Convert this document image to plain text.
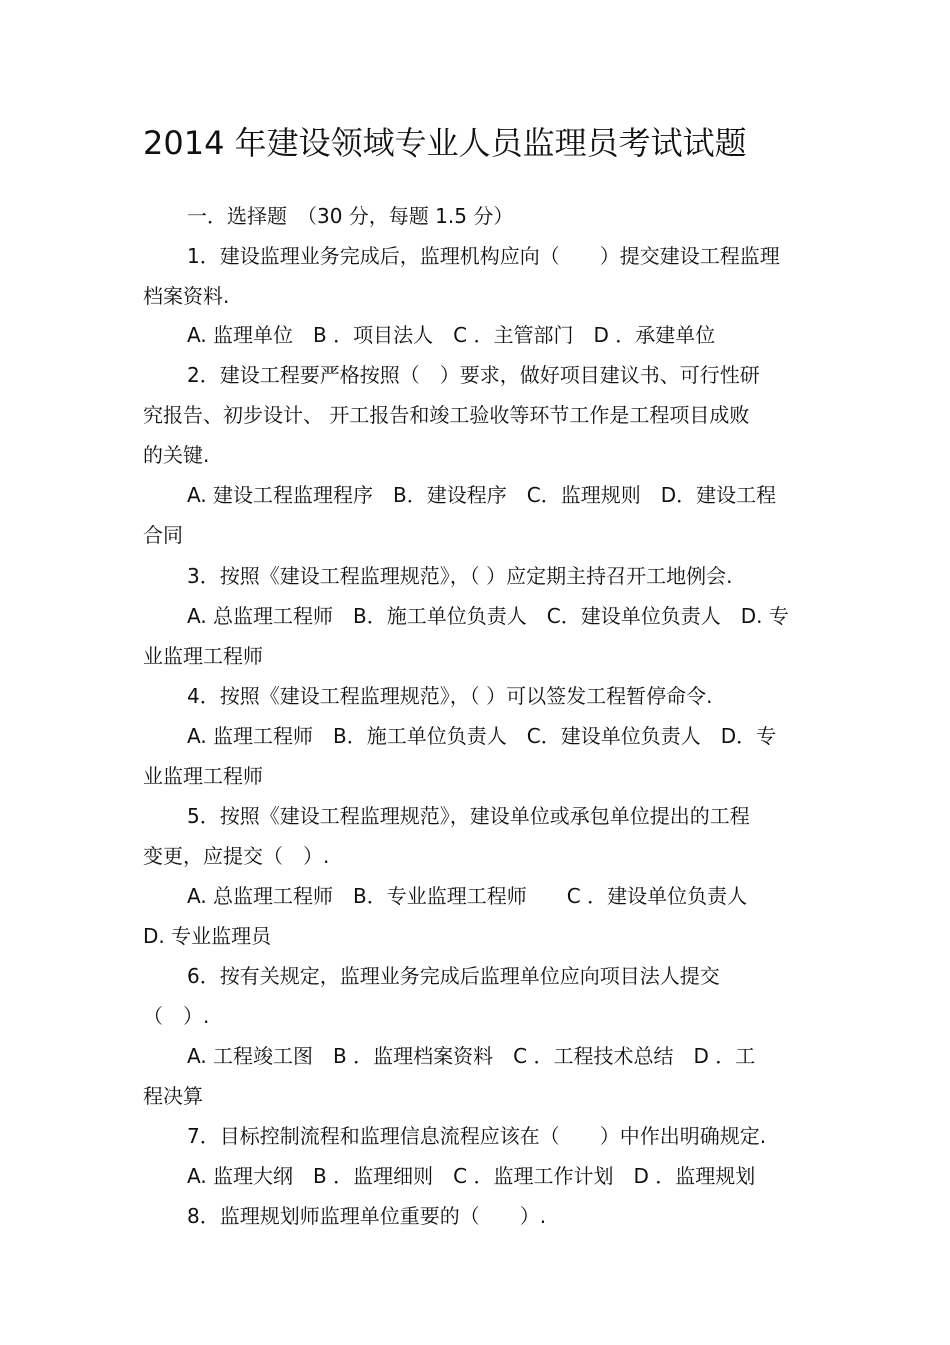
2014 年建设领域专业人员监理员考试试题
一．选择题　（30 分，每题 1.5 分）
1．建设监理业务完成后，监理机构应向（　　）提交建设工程监理
档案资料.
A. 监理单位　B ．项目法人　C ．主管部门　D ．承建单位
2．建设工程要严格按照（　）要求，做好项目建议书、可行性研
究报告、初步设计、 开工报告和竣工验收等环节工作是工程项目成败
的关键.
A. 建设工程监理程序　B．建设程序　C．监理规则　D．建设工程
合同
3．按照《建设工程监理规范》，（ ）应定期主持召开工地例会.
A. 总监理工程师　B．施工单位负责人　C．建设单位负责人　D. 专
业监理工程师
4．按照《建设工程监理规范》，（ ）可以签发工程暂停命令.
A. 监理工程师　B．施工单位负责人　C．建设单位负责人　D．专
业监理工程师
5．按照《建设工程监理规范》，建设单位或承包单位提出的工程
变更，应提交（　）.
A. 总监理工程师　B．专业监理工程师　　C ．建设单位负责人
D. 专业监理员
6．按有关规定，监理业务完成后监理单位应向项目法人提交
（　）.
A. 工程竣工图　B ．监理档案资料　C ．工程技术总结　D ．工
程决算
7．目标控制流程和监理信息流程应该在（　　）中作出明确规定.
A. 监理大纲　B ．监理细则　C ．监理工作计划　D ．监理规划
8．监理规划师监理单位重要的（　　）.
